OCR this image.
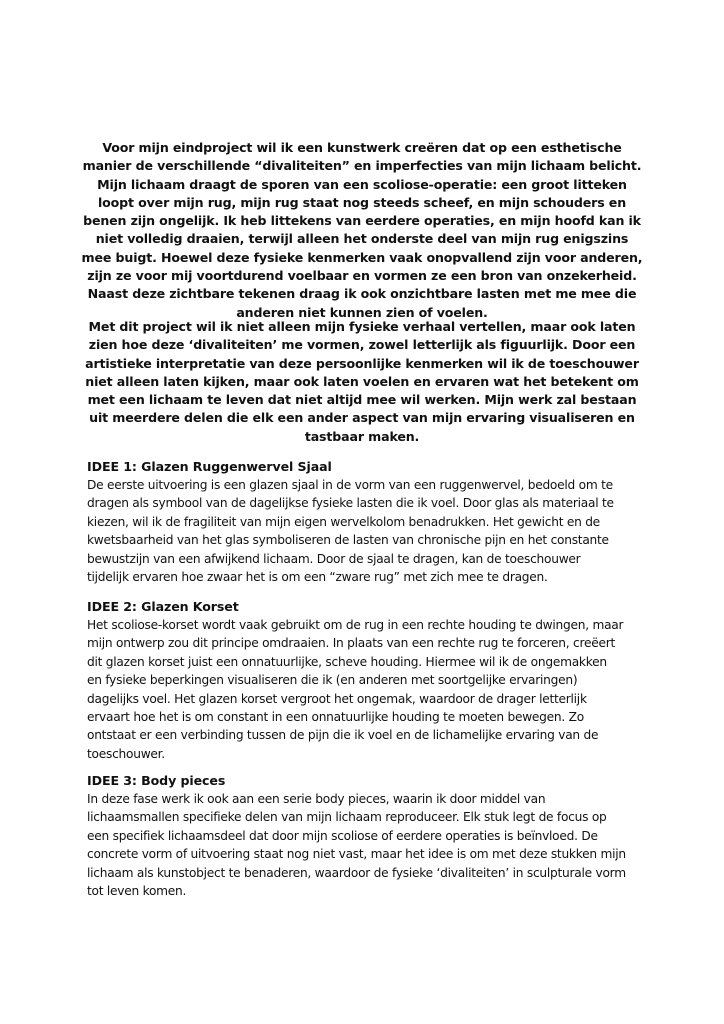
Voor mijn eindproject wil ik een kunstwerk creëren dat op een esthetische manier de verschillende “divaliteiten” en imperfecties van mijn lichaam belicht. Mijn lichaam draagt de sporen van een scoliose-operatie: een groot litteken loopt over mijn rug, mijn rug staat nog steeds scheef, en mijn schouders en benen zijn ongelijk. Ik heb littekens van eerdere operaties, en mijn hoofd kan ik niet volledig draaien, terwijl alleen het onderste deel van mijn rug enigszins mee buigt. Hoewel deze fysieke kenmerken vaak onopvallend zijn voor anderen, zijn ze voor mij voortdurend voelbaar en vormen ze een bron van onzekerheid. Naast deze zichtbare tekenen draag ik ook onzichtbare lasten met me mee die anderen niet kunnen zien of voelen.

Met dit project wil ik niet alleen mijn fysieke verhaal vertellen, maar ook laten zien hoe deze ‘divaliteiten’ me vormen, zowel letterlijk als figuurlijk. Door een artistieke interpretatie van deze persoonlijke kenmerken wil ik de toeschouwer niet alleen laten kijken, maar ook laten voelen en ervaren wat het betekent om met een lichaam te leven dat niet altijd mee wil werken. Mijn werk zal bestaan uit meerdere delen die elk een ander aspect van mijn ervaring visualiseren en tastbaar maken.

IDEE 1: Glazen Ruggenwervel Sjaal

De eerste uitvoering is een glazen sjaal in de vorm van een ruggenwervel, bedoeld om te
dragen als symbool van de dagelijkse fysieke lasten die ik voel. Door glas als materiaal te
kiezen, wil ik de fragiliteit van mijn eigen wervelkolom benadrukken. Het gewicht en de
kwetsbaarheid van het glas symboliseren de lasten van chronische pijn en het constante
bewustzijn van een afwijkend lichaam. Door de sjaal te dragen, kan de toeschouwer
tijdelijk ervaren hoe zwaar het is om een “zware rug” met zich mee te dragen.

IDEE 2: Glazen Korset

Het scoliose-korset wordt vaak gebruikt om de rug in een rechte houding te dwingen, maar
mijn ontwerp zou dit principe omdraaien. In plaats van een rechte rug te forceren, creëert
dit glazen korset juist een onnatuurlijke, scheve houding. Hiermee wil ik de ongemakken
en fysieke beperkingen visualiseren die ik (en anderen met soortgelijke ervaringen)
dagelijks voel. Het glazen korset vergroot het ongemak, waardoor de drager letterlijk
ervaart hoe het is om constant in een onnatuurlijke houding te moeten bewegen. Zo
ontstaat er een verbinding tussen de pijn die ik voel en de lichamelijke ervaring van de
toeschouwer.

IDEE 3: Body pieces

In deze fase werk ik ook aan een serie body pieces, waarin ik door middel van
lichaamsmallen specifieke delen van mijn lichaam reproduceer. Elk stuk legt de focus op
een specifiek lichaamsdeel dat door mijn scoliose of eerdere operaties is beïnvloed. De
concrete vorm of uitvoering staat nog niet vast, maar het idee is om met deze stukken mijn
lichaam als kunstobject te benaderen, waardoor de fysieke ‘divaliteiten’ in sculpturale vorm
tot leven komen.
